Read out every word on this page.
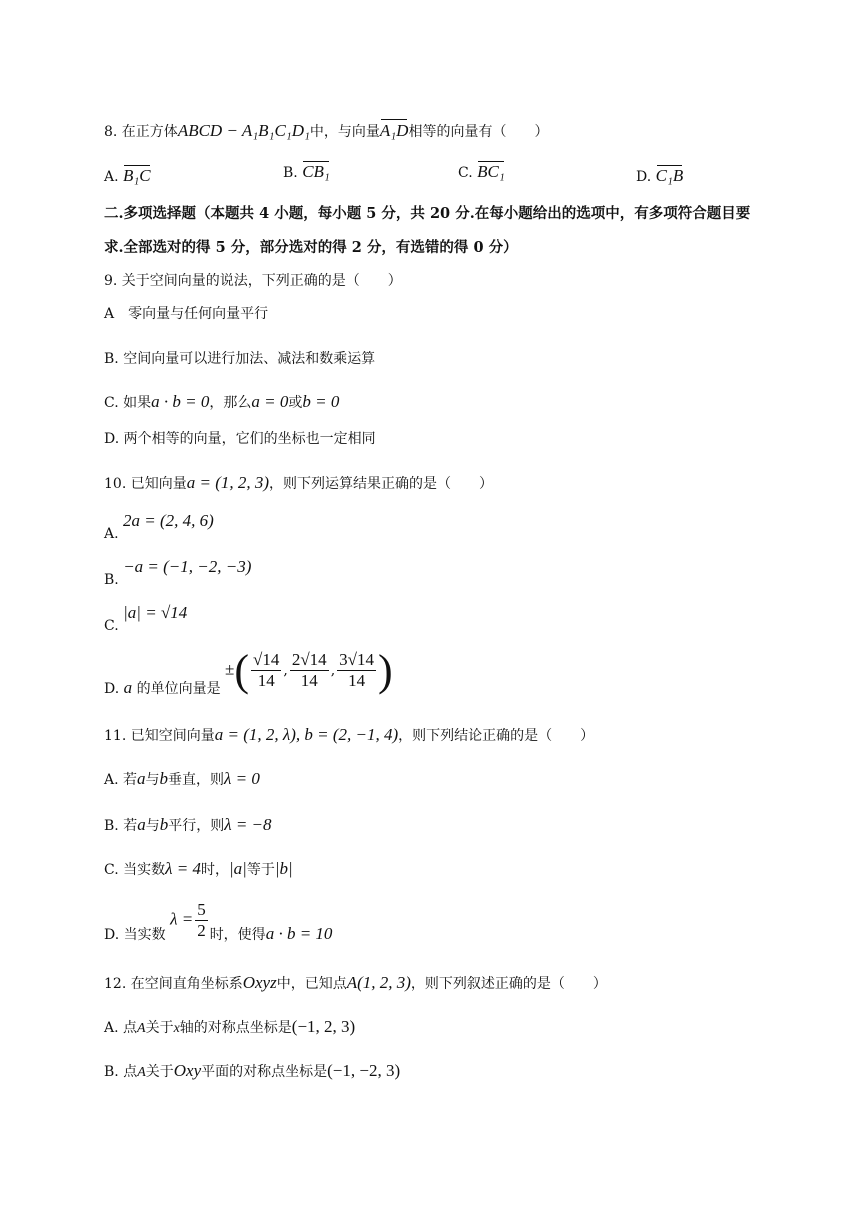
8. 在正方体ABCD − A₁B₁C₁D₁中，与向量A₁D相等的向量有（　　）
A. B₁C	B. CB₁	C. BC₁	D. C₁B
二.多项选择题（本题共 4 小题，每小题 5 分，共 20 分.在每小题给出的选项中，有多项符合题目要
求.全部选对的得 5 分，部分选对的得 2 分，有选错的得 0 分）
9. 关于空间向量的说法，下列正确的是（　　）
A　零向量与任何向量平行
B. 空间向量可以进行加法、减法和数乘运算
C. 如果a · b = 0，那么a = 0或b = 0
D. 两个相等的向量，它们的坐标也一定相同
10. 已知向量a = (1, 2, 3)，则下列运算结果正确的是（　　）
A. 2a = (2, 4, 6)
B. −a = (−1, −2, −3)
C. |a| = √14
D. a 的单位向量是 ±( $\frac{√14}{14}$ , $\frac{2√14}{14}$ , $\frac{3√14}{14}$ )
11. 已知空间向量a = (1, 2, λ), b = (2, −1, 4)，则下列结论正确的是（　　）
A. 若a与b垂直，则λ = 0
B. 若a与b平行，则λ = −8
C. 当实数λ = 4时，|a|等于|b|
D. 当实数 $\lambda = \frac{5}{2}$ 时，使得a · b = 10
12. 在空间直角坐标系Oxyz中，已知点A(1, 2, 3)，则下列叙述正确的是（　　）
A. 点A关于x轴的对称点坐标是(−1, 2, 3)
B. 点A关于Oxy平面的对称点坐标是(−1, −2, 3)
